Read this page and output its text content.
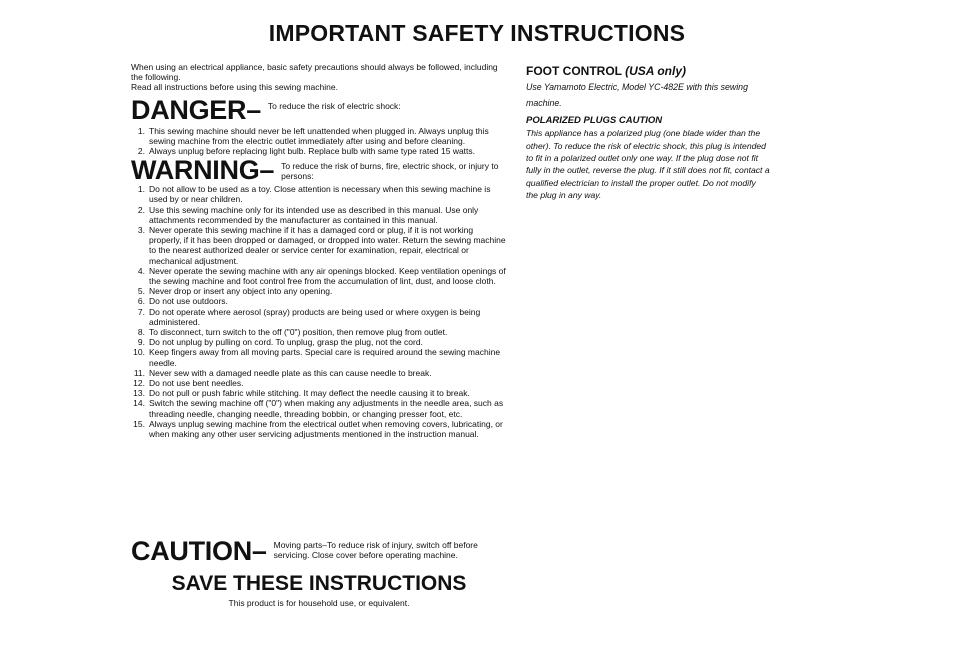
IMPORTANT SAFETY INSTRUCTIONS

When using an electrical appliance, basic safety precautions should always be followed, including the following.

Read all instructions before using this sewing machine.

DANGER– To reduce the risk of electric shock:
1. This sewing machine should never be left unattended when plugged in. Always unplug this sewing machine from the electric outlet immediately after using and before cleaning.
2. Always unplug before replacing light bulb. Replace bulb with same type rated 15 watts.
WARNING– To reduce the risk of burns, fire, electric shock, or injury to persons:
1. Do not allow to be used as a toy. Close attention is necessary when this sewing machine is used by or near children.
2. Use this sewing machine only for its intended use as described in this manual. Use only attachments recommended by the manufacturer as contained in this manual.
3. Never operate this sewing machine if it has a damaged cord or plug, if it is not working properly, if it has been dropped or damaged, or dropped into water. Return the sewing machine to the nearest authorized dealer or service center for examination, repair, electrical or mechanical adjustment.
4. Never operate the sewing machine with any air openings blocked. Keep ventilation openings of the sewing machine and foot control free from the accumulation of lint, dust, and loose cloth.
5. Never drop or insert any object into any opening.
6. Do not use outdoors.
7. Do not operate where aerosol (spray) products are being used or where oxygen is being administered.
8. To disconnect, turn switch to the off ("0") position, then remove plug from outlet.
9. Do not unplug by pulling on cord. To unplug, grasp the plug, not the cord.
10. Keep fingers away from all moving parts. Special care is required around the sewing machine needle.
11. Never sew with a damaged needle plate as this can cause needle to break.
12. Do not use bent needles.
13. Do not pull or push fabric while stitching. It may deflect the needle causing it to break.
14. Switch the sewing machine off ("0") when making any adjustments in the needle area, such as threading needle, changing needle, threading bobbin, or changing presser foot, etc.
15. Always unplug sewing machine from the electrical outlet when removing covers, lubricating, or when making any other user servicing adjustments mentioned in the instruction manual.
CAUTION– Moving parts–To reduce risk of injury, switch off before servicing. Close cover before operating machine.
SAVE THESE INSTRUCTIONS
This product is for household use, or equivalent.
FOOT CONTROL (USA only)
Use Yamamoto Electric, Model YC-482E with this sewing machine.
POLARIZED PLUGS CAUTION
This appliance has a polarized plug (one blade wider than the other). To reduce the risk of electric shock, this plug is intended to fit in a polarized outlet only one way. If the plug dose not fit fully in the outlet, reverse the plug. If it still does not fit, contact a qualified electrician to install the proper outlet. Do not modify the plug in any way.
